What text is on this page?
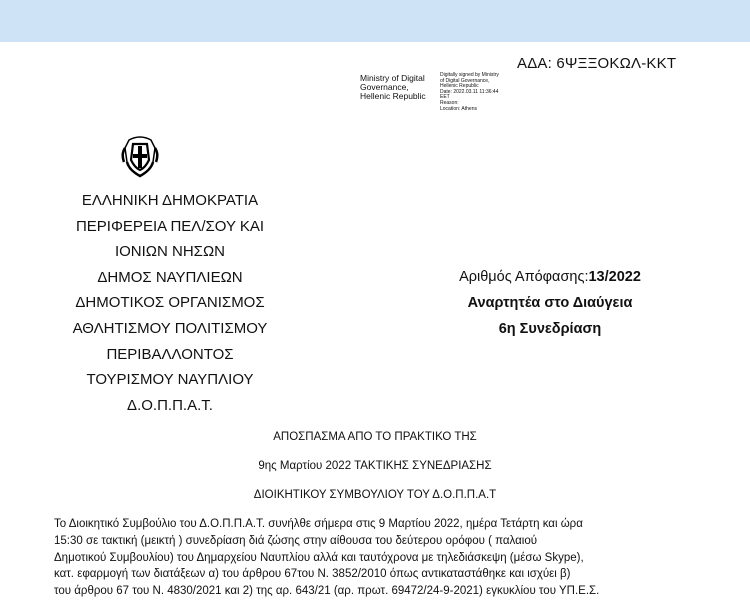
ΑΔΑ: 6ΨΞΞΟΚΩΛ-ΚΚΤ
Ministry of Digital
Governance,
Hellenic Republic
Digitally signed by Ministry
of Digital Governance,
Hellenic Republic
Date: 2022.03.11 11:36:44
EET
Reason:
Location: Athens
ΕΛΛΗΝΙΚΗ ΔΗΜΟΚΡΑΤΙΑ
ΠΕΡΙΦΕΡΕΙΑ ΠΕΛ/ΣΟΥ ΚΑΙ
ΙΟΝΙΩΝ ΝΗΣΩΝ
ΔΗΜΟΣ ΝΑΥΠΛΙΕΩΝ
ΔΗΜΟΤΙΚΟΣ ΟΡΓΑΝΙΣΜΟΣ
ΑΘΛΗΤΙΣΜΟΥ ΠΟΛΙΤΙΣΜΟΥ
ΠΕΡΙΒΑΛΛΟΝΤΟΣ
ΤΟΥΡΙΣΜΟΥ ΝΑΥΠΛΙΟΥ
Δ.Ο.Π.Π.Α.Τ.
Αριθμός Απόφασης:13/2022
Αναρτητέα στο Διαύγεια
6η Συνεδρίαση
ΑΠΟΣΠΑΣΜΑ ΑΠΟ ΤΟ ΠΡΑΚΤΙΚΟ ΤΗΣ
9ης Μαρτίου 2022 ΤΑΚΤΙΚΗΣ ΣΥΝΕΔΡΙΑΣΗΣ
ΔΙΟΙΚΗΤΙΚΟΥ ΣΥΜΒΟΥΛΙΟΥ ΤΟΥ Δ.Ο.Π.Π.Α.Τ
Το Διοικητικό Συμβούλιο του Δ.Ο.Π.Π.Α.Τ. συνήλθε σήμερα στις 9 Μαρτίου 2022, ημέρα Τετάρτη και ώρα
15:30 σε τακτική (μεικτή ) συνεδρίαση διά ζώσης στην αίθουσα του δεύτερου ορόφου ( παλαιού
Δημοτικού Συμβουλίου) του Δημαρχείου Ναυπλίου αλλά και ταυτόχρονα με τηλεδιάσκεψη (μέσω Skype),
κατ. εφαρμογή των διατάξεων α) του άρθρου 67του Ν. 3852/2010 όπως αντικαταστάθηκε και ισχύει β)
του άρθρου 67 του Ν. 4830/2021 και 2) της αρ. 643/21 (αρ. πρωτ. 69472/24-9-2021) εγκυκλίου του ΥΠ.Ε.Σ.
